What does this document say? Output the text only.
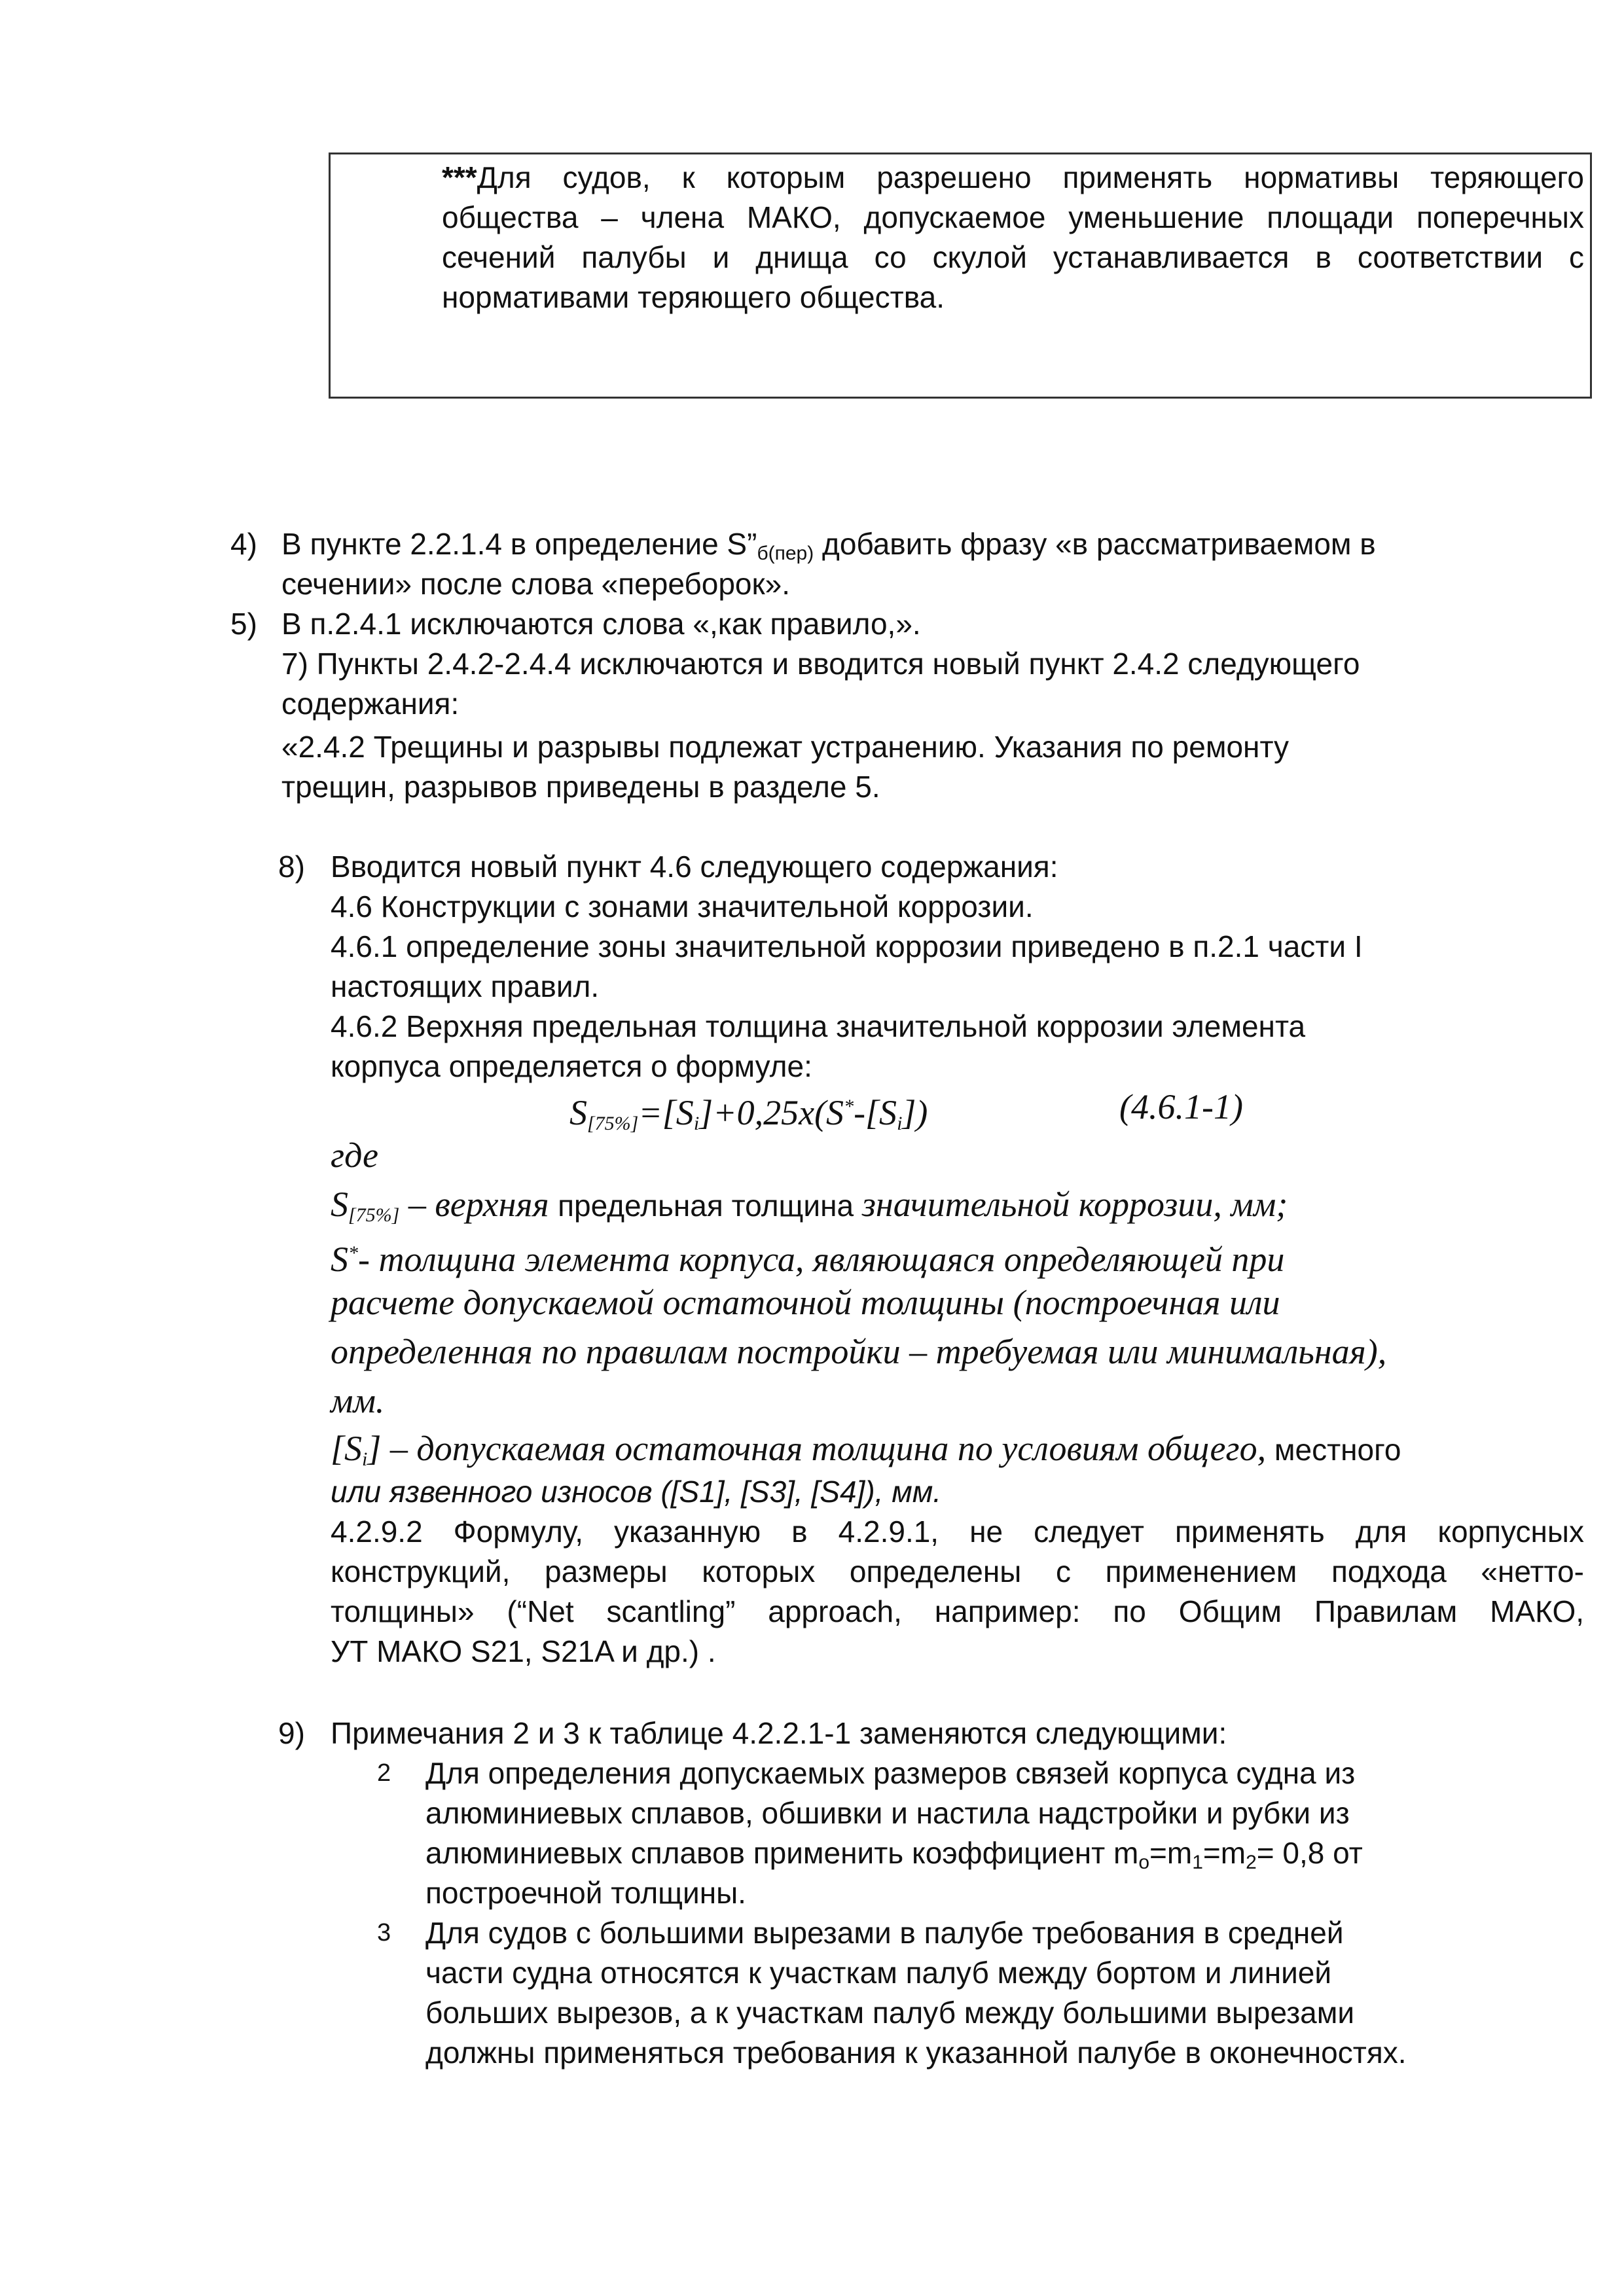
***Для судов, к которым разрешено применять нормативы теряющего

общества – члена МАКО, допускаемое уменьшение площади поперечных

сечений палубы и днища со скулой устанавливается в соответствии с

нормативами теряющего общества.

4) В пункте 2.2.1.4 в определение $S”_{б(пер)}$ добавить фразу «в рассматриваемом в

сечении» после слова «переборок».

5) В п.2.4.1 исключаются слова «,как правило,».

7) Пункты 2.4.2-2.4.4 исключаются и вводится новый пункт 2.4.2 следующего

содержания:

«2.4.2 Трещины и разрывы подлежат устранению. Указания по ремонту

трещин, разрывов приведены в разделе 5.

8) Вводится новый пункт 4.6 следующего содержания:

4.6 Конструкции с зонами значительной коррозии.

4.6.1 определение зоны значительной коррозии приведено в п.2.1 части I

настоящих правил.

4.6.2 Верхняя предельная толщина значительной коррозии элемента

корпуса определяется о формуле:

$S_{[75\%]}=[S_i]+0,25x(S^*-[S_i])$	(4.6.1-1)

где

$S_{[75\%]}$ – верхняя предельная толщина значительной коррозии, мм;

S*- толщина элемента корпуса, являющаяся определяющей при

расчете допускаемой остаточной толщины (построечная или

определенная по правилам постройки – требуемая или минимальная),

мм.

$[S_i]$ – допускаемая остаточная толщина по условиям общего, местного

или язвенного износов ([S1], [S3], [S4]), мм.

4.2.9.2 Формулу, указанную в 4.2.9.1, не следует применять для корпусных

конструкций, размеры которых определены с применением подхода «нетто-

толщины» (“Net scantling” approach, например: по Общим Правилам МАКО,

УТ МАКО S21, S21A и др.) .

9) Примечания 2 и 3 к таблице 4.2.2.1-1 заменяются следующими:

2 Для определения допускаемых размеров связей корпуса судна из

алюминиевых сплавов, обшивки и настила надстройки и рубки из

алюминиевых сплавов применить коэффициент $m_o=m_1=m_2= 0,8$ от

построечной толщины.

3 Для судов с большими вырезами в палубе требования в средней

части судна относятся к участкам палуб между бортом и линией

больших вырезов, а к участкам палуб между большими вырезами

должны применяться требования к указанной палубе в оконечностях.
